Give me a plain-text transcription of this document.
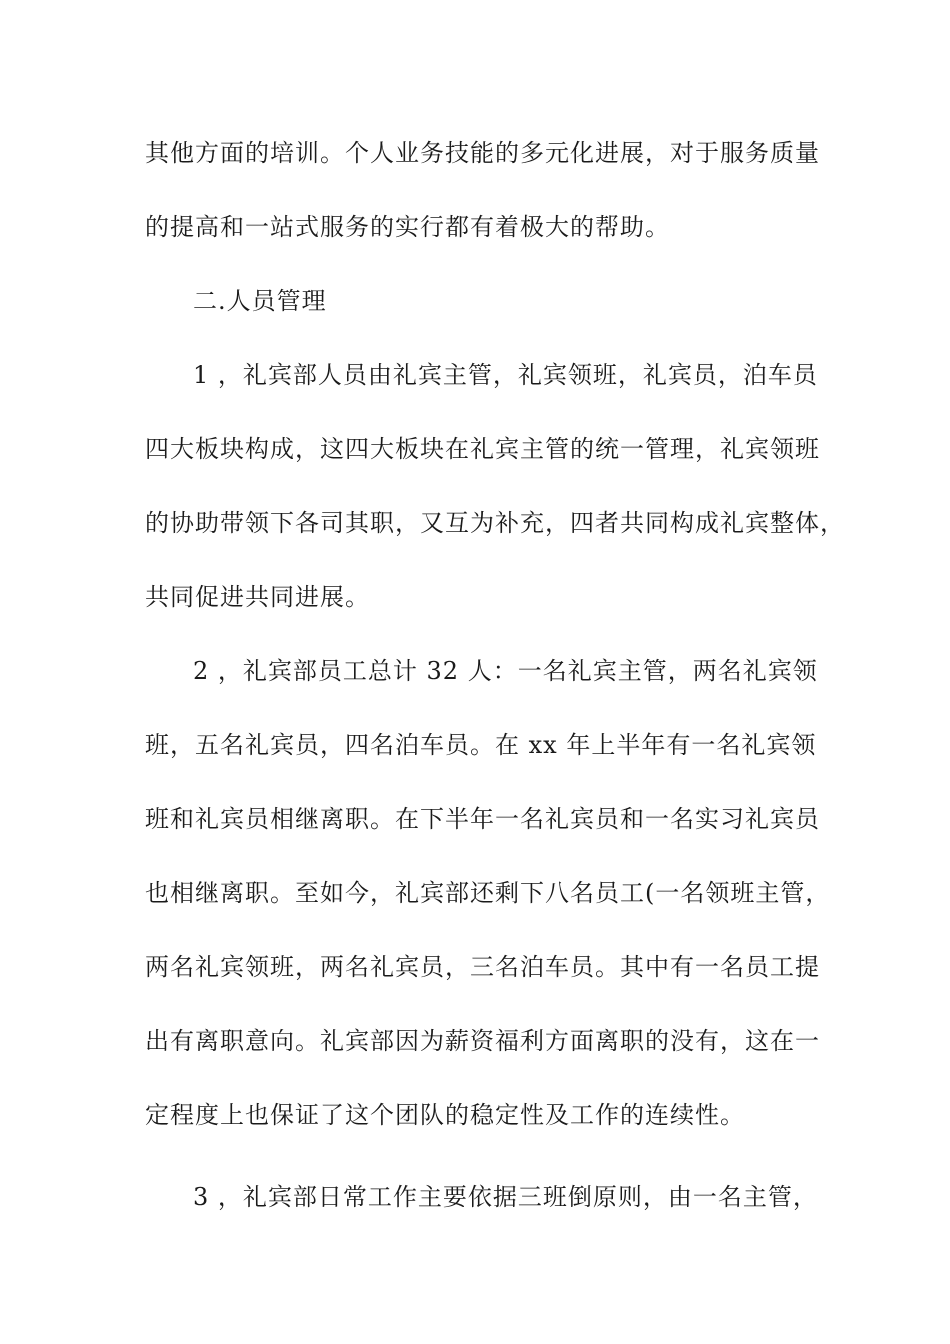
其他方面的培训。个人业务技能的多元化进展，对于服务质量
的提高和一站式服务的实行都有着极大的帮助。
二.人员管理
1 ，礼宾部人员由礼宾主管，礼宾领班，礼宾员，泊车员
四大板块构成，这四大板块在礼宾主管的统一管理，礼宾领班
的协助带领下各司其职，又互为补充，四者共同构成礼宾整体，
共同促进共同进展。
2 ，礼宾部员工总计 32 人：一名礼宾主管，两名礼宾领
班，五名礼宾员，四名泊车员。在 xx 年上半年有一名礼宾领
班和礼宾员相继离职。在下半年一名礼宾员和一名实习礼宾员
也相继离职。至如今，礼宾部还剩下八名员工(一名领班主管，
两名礼宾领班，两名礼宾员，三名泊车员。其中有一名员工提
出有离职意向。礼宾部因为薪资福利方面离职的没有，这在一
定程度上也保证了这个团队的稳定性及工作的连续性。
3 ，礼宾部日常工作主要依据三班倒原则，由一名主管，
